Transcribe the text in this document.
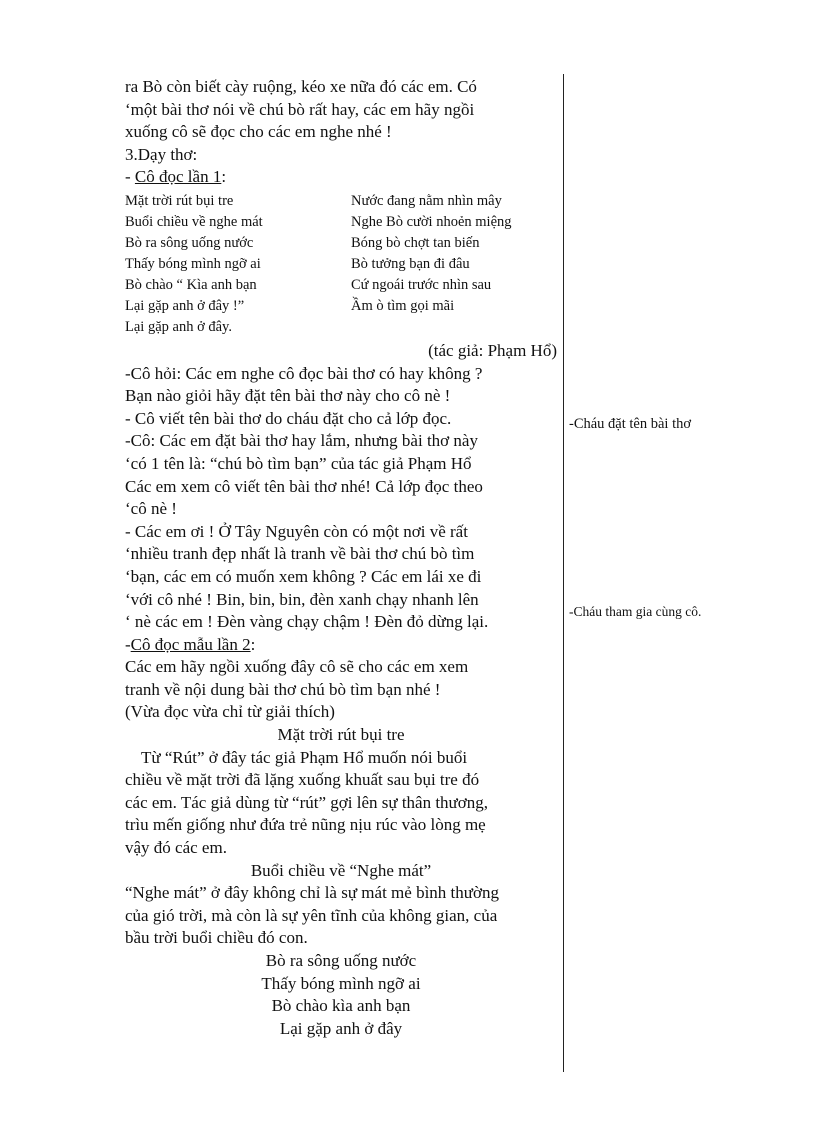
ra Bò còn biết cày ruộng, kéo xe nữa đó các em. Có
‘một bài thơ nói về chú bò rất hay, các em hãy ngồi
xuống cô sẽ đọc cho các em nghe nhé !
3.Dạy thơ:
- Cô đọc lần 1:
Mặt trời rút bụi tre	Nước đang nằm nhìn mây
Buổi chiều về nghe mát	Nghe Bò cười nhoẻn miệng
Bò ra sông uống nước	Bóng bò chợt tan biến
Thấy bóng mình ngỡ ai	Bò tưởng bạn đi đâu
Bò chào “ Kìa anh bạn	Cứ ngoái trước nhìn sau
Lại gặp anh ở đây !”	Ầm ò tìm gọi mãi
Lại gặp anh ở đây.
(tác giả: Phạm Hổ)
-Cô hỏi: Các em nghe cô đọc bài thơ có hay không ?
Bạn nào giỏi hãy đặt tên bài thơ này cho cô nè !
- Cô viết tên bài thơ do cháu đặt cho cả lớp đọc.
-Cô: Các em đặt bài thơ hay lắm, nhưng bài thơ này
‘có 1 tên là: “chú bò tìm bạn” của tác giả Phạm Hổ
Các em xem cô viết tên bài thơ nhé! Cả lớp đọc theo
‘cô nè !
- Các em ơi ! Ở Tây Nguyên còn có một nơi về rất
‘nhiều tranh đẹp nhất là tranh về bài thơ chú bò tìm
‘bạn, các em có muốn xem không ? Các em lái xe đi
‘với cô nhé ! Bin, bin, bin, đèn xanh chạy nhanh lên
‘ nè các em ! Đèn vàng chạy chậm ! Đèn đỏ dừng lại.
-Cô đọc mẫu lần 2:
Các em hãy ngồi xuống đây cô sẽ cho các em xem
tranh về nội dung bài thơ chú bò tìm bạn nhé !
(Vừa đọc vừa chỉ từ giải thích)
Mặt trời rút bụi tre
Từ “Rút” ở đây tác giả Phạm Hổ muốn nói buổi
chiều về mặt trời đã lặng xuống khuất sau bụi tre đó
các em. Tác giả dùng từ “rút” gợi lên sự thân thương,
trìu mến giống như đứa trẻ nũng nịu rúc vào lòng mẹ
vậy đó các em.
Buổi chiều về “Nghe mát”
“Nghe mát” ở đây không chỉ là sự mát mẻ bình thường
của gió trời, mà còn là sự yên tĩnh của không gian, của
bầu trời buổi chiều đó con.
Bò ra sông uống nước
Thấy bóng mình ngỡ ai
Bò chào kìa anh bạn
Lại gặp anh ở đây
-Cháu đặt tên bài thơ
-Cháu tham gia cùng cô.
